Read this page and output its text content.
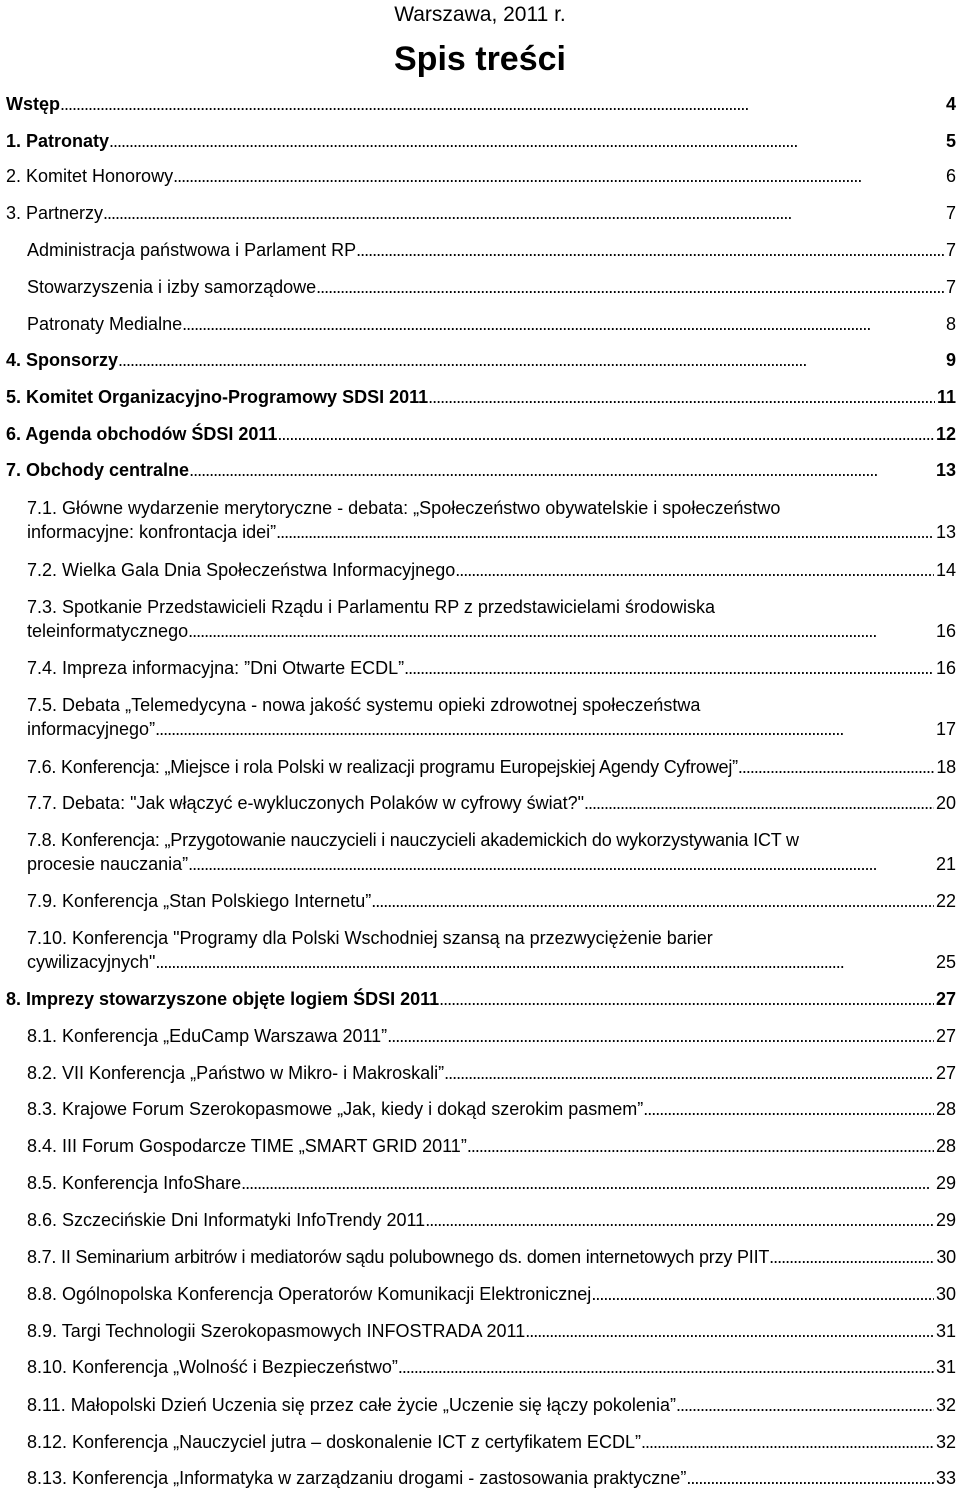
Warszawa, 2011 r.
Spis treści
Wstęp . . .	4
1. Patronaty . . .	5
2. Komitet Honorowy . . .	6
3. Partnerzy . . .	7
Administracja państwowa i Parlament RP . . .	7
Stowarzyszenia i izby samorządowe . . .	7
Patronaty Medialne . . .	8
4. Sponsorzy . . .	9
5. Komitet Organizacyjno-Programowy SDSI 2011 . . .	11
6. Agenda obchodów ŚDSI 2011 . . .	12
7. Obchody centralne . . .	13
7.1. Główne wydarzenie merytoryczne - debata: „Społeczeństwo obywatelskie i społeczeństwo
informacyjne: konfrontacja idei” . . .	13
7.2. Wielka Gala Dnia Społeczeństwa Informacyjnego . . .	14
7.3. Spotkanie Przedstawicieli Rządu i Parlamentu RP z przedstawicielami środowiska
teleinformatycznego . . .	16
7.4. Impreza informacyjna: ”Dni Otwarte ECDL” . . .	16
7.5. Debata „Telemedycyna - nowa jakość systemu opieki zdrowotnej społeczeństwa
informacyjnego” . . .	17
7.6. Konferencja: „Miejsce i rola Polski w realizacji programu Europejskiej Agendy Cyfrowej” . . .	18
7.7. Debata: "Jak włączyć e-wykluczonych Polaków w cyfrowy świat?" . . .	20
7.8. Konferencja: „Przygotowanie nauczycieli i nauczycieli akademickich do wykorzystywania ICT w
procesie nauczania” . . .	21
7.9. Konferencja „Stan Polskiego Internetu” . . .	22
7.10. Konferencja "Programy dla Polski Wschodniej szansą na przezwyciężenie barier
cywilizacyjnych" . . .	25
8. Imprezy stowarzyszone objęte logiem ŚDSI 2011 . . .	27
8.1. Konferencja „EduCamp Warszawa 2011” . . .	27
8.2. VII Konferencja „Państwo w Mikro- i Makroskali” . . .	27
8.3. Krajowe Forum Szerokopasmowe „Jak, kiedy i dokąd szerokim pasmem” . . .	28
8.4. III Forum Gospodarcze TIME „SMART GRID 2011” . . .	28
8.5. Konferencja InfoShare . . .	29
8.6. Szczecińskie Dni Informatyki InfoTrendy 2011 . . .	29
8.7. II Seminarium arbitrów i mediatorów sądu polubownego ds. domen internetowych przy PIIT . . .	30
8.8. Ogólnopolska Konferencja Operatorów Komunikacji Elektronicznej . . .	30
8.9. Targi Technologii Szerokopasmowych INFOSTRADA 2011 . . .	31
8.10. Konferencja „Wolność i Bezpieczeństwo” . . .	31
8.11. Małopolski Dzień Uczenia się przez całe życie „Uczenie się łączy pokolenia” . . .	32
8.12. Konferencja „Nauczyciel jutra – doskonalenie ICT z certyfikatem ECDL” . . .	32
8.13. Konferencja „Informatyka w zarządzaniu drogami - zastosowania praktyczne” . . .	33
